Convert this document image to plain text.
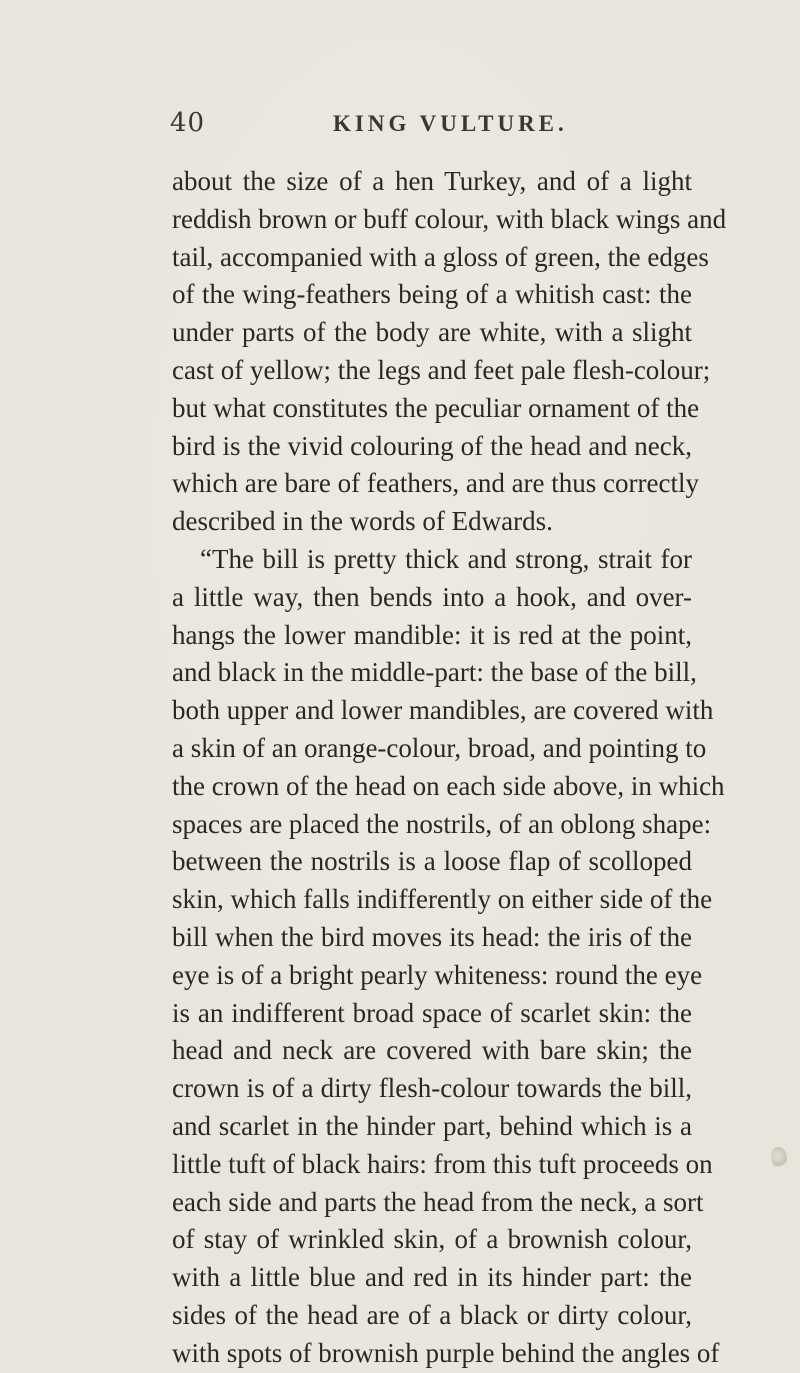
40	KING VULTURE.
about the size of a hen Turkey, and of a light
reddish brown or buff colour, with black wings and
tail, accompanied with a gloss of green, the edges
of the wing-feathers being of a whitish cast: the
under parts of the body are white, with a slight
cast of yellow; the legs and feet pale flesh-colour;
but what constitutes the peculiar ornament of the
bird is the vivid colouring of the head and neck,
which are bare of feathers, and are thus correctly
described in the words of Edwards.
“The bill is pretty thick and strong, strait for
a little way, then bends into a hook, and over-
hangs the lower mandible: it is red at the point,
and black in the middle-part: the base of the bill,
both upper and lower mandibles, are covered with
a skin of an orange-colour, broad, and pointing to
the crown of the head on each side above, in which
spaces are placed the nostrils, of an oblong shape:
between the nostrils is a loose flap of scolloped
skin, which falls indifferently on either side of the
bill when the bird moves its head: the iris of the
eye is of a bright pearly whiteness: round the eye
is an indifferent broad space of scarlet skin: the
head and neck are covered with bare skin; the
crown is of a dirty flesh-colour towards the bill,
and scarlet in the hinder part, behind which is a
little tuft of black hairs: from this tuft proceeds on
each side and parts the head from the neck, a sort
of stay of wrinkled skin, of a brownish colour,
with a little blue and red in its hinder part: the
sides of the head are of a black or dirty colour,
with spots of brownish purple behind the angles of
